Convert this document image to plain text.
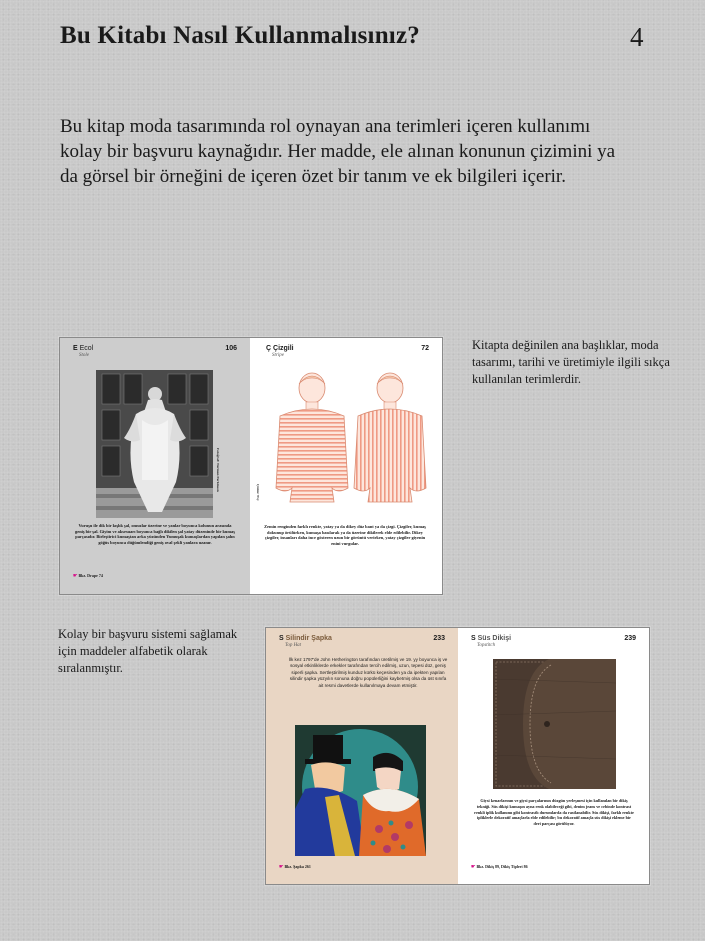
Bu Kitabı Nasıl Kullanmalısınız?	4
Bu kitap moda tasarımında rol oynayan ana terimleri içeren kullanımı kolay bir başvuru kaynağıdır. Her madde, ele alınan konunun çizimini ya da görsel bir örneğini de içeren özet bir tanım ve ek bilgileri içerir.
E Ecol
Stole
106
Fotoğraf: Norman Parkinson
Vuruşu ile dik bir kışlık şal, omuzlar üzerine ve yanlar boyunca kolunun arasında geniş bir şal. Giyim ve aksesuarı boyunca bağlı dikilen şal yatay düzeninde bir kumaş parçasıdır. Birleştirici kumaştan arka yüzünden Yumuşak kumaşlardan yapılan şalın göğüs boyunca düğümlendiği geniş oval şekli yanlara uzanır.
☛ Bkz. Drape 74
Ç Çizgili
Stripe
72
Çizim: Tvy
Zemin renginden farklı renkte, yatay ya da dikey düz bant ya da çizgi. Çizgiler, kumaş dokunup örülürken, kumaşa basılarak ya da üzerine dikilerek elde edilebilir. Dikey çizgiler, insanları daha ince gösteren uzun bir görüntü verirken, yatay çizgiler giyenin enini vurgular.
Kitapta değinilen ana başlıklar, moda tasarımı, tarihi ve üretimiyle ilgili sıkça kullanılan terimlerdir.
Kolay bir başvuru sistemi sağlamak için maddeler alfabetik olarak sıralanmıştır.
S Silindir Şapka
Top Hat
233
İlk kez 1797'de John Hetherington tarafından üretilmiş ve 19. yy boyunca iş ve sosyal etkinliklerde erkekler tarafından tercih edilmiş, uzun, tepesi düz, geniş siperli şapka. Sertleştirilmiş kunduz kürkü keçesinden ya da ipekten yapılan silindir şapka yüzyılın sonuna doğru popülerliğini kaybetmiş olsa da üst sınıfa ait resmi davetlerde kullanılmaya devam etmiştir.
☛ Bkz. Şapka 261
S Süs Dikişi
Topstitch
239
Giysi kenarlarının ve giysi parçalarının düzgün yerleşmesi için kullanılan bir dikiş tekniği. Süs dikişi kumaşın ayna renk olabileceği gibi, denim jeans ve cebinde kontrast renkli iplik kullanımı gibi kontrastlı durumlarda da rastlanabilir. Süs dikişi, farklı renkte ipliklerle dekoratif amaçlarla elde edilebilir; bu dekoratif amaçla süs dikişi ekleme bir deri parçası görülüyor.
☛ Bkz. Dikiş 89, Dikiş Tipleri 86
